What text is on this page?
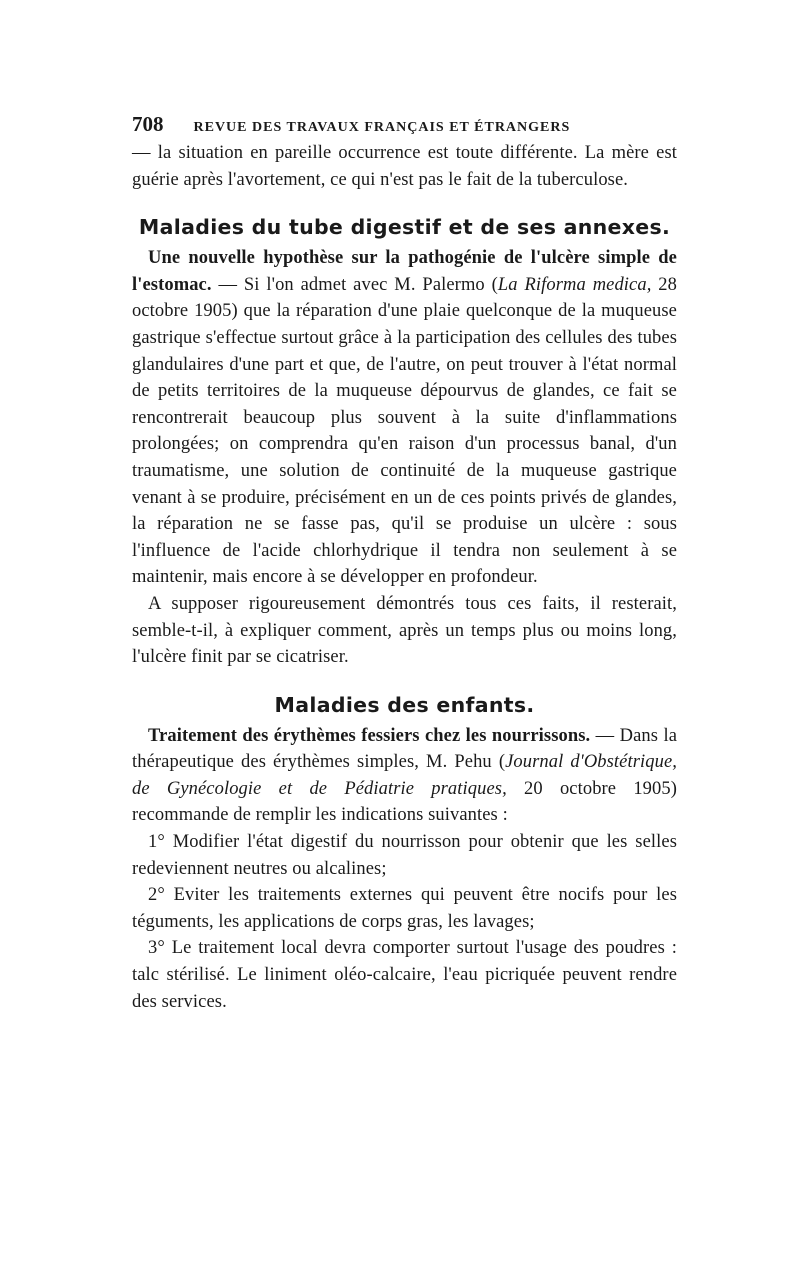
708 REVUE DES TRAVAUX FRANÇAIS ET ÉTRANGERS

— la situation en pareille occurrence est toute différente. La mère est guérie après l'avortement, ce qui n'est pas le fait de la tuberculose.

Maladies du tube digestif et de ses annexes.

Une nouvelle hypothèse sur la pathogénie de l'ulcère simple de l'estomac. — Si l'on admet avec M. Palermo (La Riforma medica, 28 octobre 1905) que la réparation d'une plaie quelconque de la muqueuse gastrique s'effectue surtout grâce à la participation des cellules des tubes glandulaires d'une part et que, de l'autre, on peut trouver à l'état normal de petits territoires de la muqueuse dépourvus de glandes, ce fait se rencontrerait beaucoup plus souvent à la suite d'inflammations prolongées; on comprendra qu'en raison d'un processus banal, d'un traumatisme, une solution de continuité de la muqueuse gastrique venant à se produire, précisément en un de ces points privés de glandes, la réparation ne se fasse pas, qu'il se produise un ulcère : sous l'influence de l'acide chlorhydrique il tendra non seulement à se maintenir, mais encore à se développer en profondeur.

A supposer rigoureusement démontrés tous ces faits, il resterait, semble-t-il, à expliquer comment, après un temps plus ou moins long, l'ulcère finit par se cicatriser.

Maladies des enfants.

Traitement des érythèmes fessiers chez les nourrissons. — Dans la thérapeutique des érythèmes simples, M. Pehu (Journal d'Obstétrique, de Gynécologie et de Pédiatrie pratiques, 20 octobre 1905) recommande de remplir les indications suivantes :

1° Modifier l'état digestif du nourrisson pour obtenir que les selles redeviennent neutres ou alcalines;

2° Eviter les traitements externes qui peuvent être nocifs pour les téguments, les applications de corps gras, les lavages;

3° Le traitement local devra comporter surtout l'usage des poudres : talc stérilisé. Le liniment oléo-calcaire, l'eau picriquée peuvent rendre des services.
